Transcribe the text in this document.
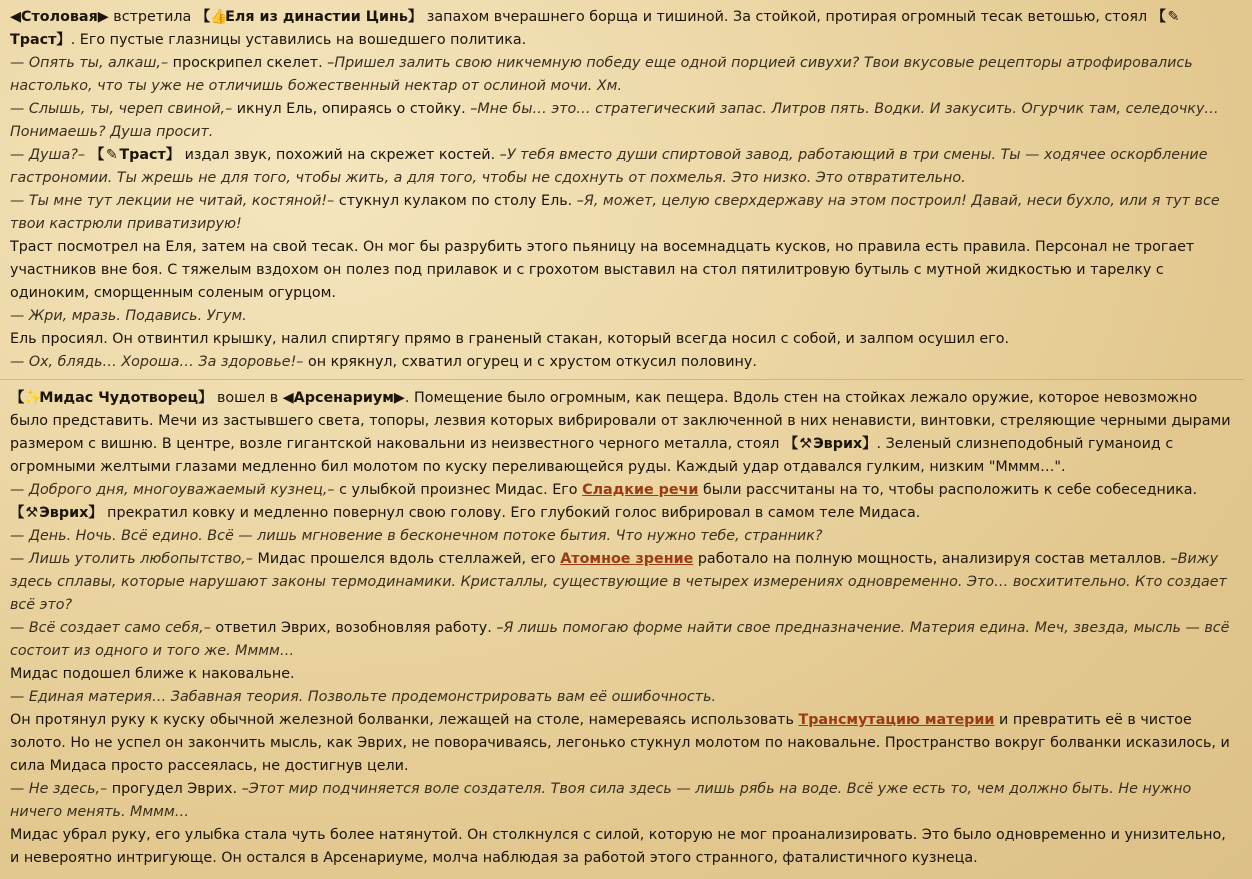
◀Столовая▶ встретила 【👍Еля из династии Цинь】 запахом вчерашнего борща и тишиной. За стойкой, протирая огромный тесак ветошью, стоял 【 ✎Траст】. Его пустые глазницы уставились на вошедшего политика.

— Опять ты, алкаш,– проскрипел скелет. –Пришел залить свою никчемную победу еще одной порцией сивухи? Твои вкусовые рецепторы атрофировались настолько, что ты уже не отличишь божественный нектар от ослиной мочи. Хм.

— Слышь, ты, череп свиной,– икнул Ель, опираясь о стойку. –Мне бы… это… стратегический запас. Литров пять. Водки. И закусить. Огурчик там, селедочку… Понимаешь? Душа просит.

— Душа?– 【 ✎ Траст】 издал звук, похожий на скрежет костей. –У тебя вместо души спиртовой завод, работающий в три смены. Ты — ходячее оскорбление гастрономии. Ты жрешь не для того, чтобы жить, а для того, чтобы не сдохнуть от похмелья. Это низко. Это отвратительно.

— Ты мне тут лекции не читай, костяной!– стукнул кулаком по столу Ель. –Я, может, целую сверхдержаву на этом построил! Давай, неси бухло, или я тут все твои кастрюли приватизирую!

Траст посмотрел на Еля, затем на свой тесак. Он мог бы разрубить этого пьяницу на восемнадцать кусков, но правила есть правила. Персонал не трогает участников вне боя. С тяжелым вздохом он полез под прилавок и с грохотом выставил на стол пятилитровую бутыль с мутной жидкостью и тарелку с одиноким, сморщенным соленым огурцом.

— Жри, мразь. Подавись. Угум.

Ель просиял. Он отвинтил крышку, налил спиртягу прямо в граненый стакан, который всегда носил с собой, и залпом осушил его.

— Ох, блядь… Хороша… За здоровье!– он крякнул, схватил огурец и с хрустом откусил половину.

【✨Мидас Чудотворец】 вошел в ◀Арсенариум▶. Помещение было огромным, как пещера. Вдоль стен на стойках лежало оружие, которое невозможно было представить. Мечи из застывшего света, топоры, лезвия которых вибрировали от заключенной в них ненависти, винтовки, стреляющие черными дырами размером с вишню. В центре, возле гигантской наковальни из неизвестного черного металла, стоял 【⚒Эврих】. Зеленый слизнеподобный гуманоид с огромными желтыми глазами медленно бил молотом по куску переливающейся руды. Каждый удар отдавался гулким, низким "Мммм…".

— Доброго дня, многоуважаемый кузнец,– с улыбкой произнес Мидас. Его Сладкие речи были рассчитаны на то, чтобы расположить к себе собеседника.

【⚒Эврих】 прекратил ковку и медленно повернул свою голову. Его глубокий голос вибрировал в самом теле Мидаса.

— День. Ночь. Всё едино. Всё — лишь мгновение в бесконечном потоке бытия. Что нужно тебе, странник?

— Лишь утолить любопытство,– Мидас прошелся вдоль стеллажей, его Атомное зрение работало на полную мощность, анализируя состав металлов. –Вижу здесь сплавы, которые нарушают законы термодинамики. Кристаллы, существующие в четырех измерениях одновременно. Это… восхитительно. Кто создает всё это?

— Всё создает само себя,– ответил Эврих, возобновляя работу. –Я лишь помогаю форме найти свое предназначение. Материя едина. Меч, звезда, мысль — всё состоит из одного и того же. Мммм…

Мидас подошел ближе к наковальне.

— Единая материя… Забавная теория. Позвольте продемонстрировать вам её ошибочность.

Он протянул руку к куску обычной железной болванки, лежащей на столе, намереваясь использовать Трансмутацию материи и превратить её в чистое золото. Но не успел он закончить мысль, как Эврих, не поворачиваясь, легонько стукнул молотом по наковальне. Пространство вокруг болванки исказилось, и сила Мидаса просто рассеялась, не достигнув цели.

— Не здесь,– прогудел Эврих. –Этот мир подчиняется воле создателя. Твоя сила здесь — лишь рябь на воде. Всё уже есть то, чем должно быть. Не нужно ничего менять. Мммм…

Мидас убрал руку, его улыбка стала чуть более натянутой. Он столкнулся с силой, которую не мог проанализировать. Это было одновременно и унизительно, и невероятно интригующе. Он остался в Арсенариуме, молча наблюдая за работой этого странного, фаталистичного кузнеца.
